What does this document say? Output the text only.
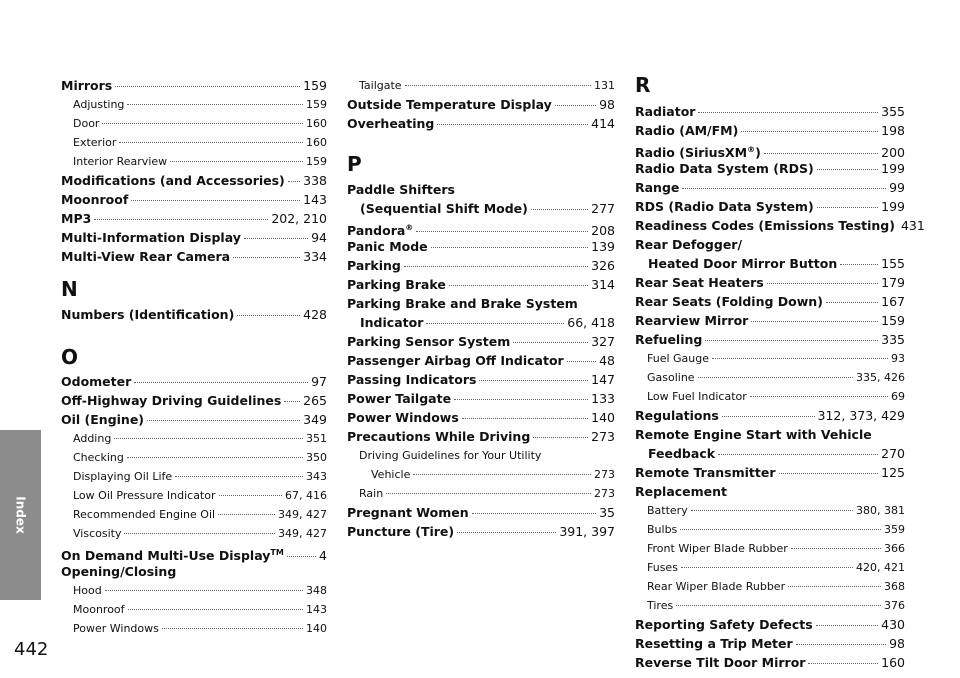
Index
442
Mirrors	159
Adjusting	159
Door	160
Exterior	160
Interior Rearview	159
Modifications (and Accessories) 338
Moonroof	143
MP3	202, 210
Multi-Information Display	94
Multi-View Rear Camera	334
N
Numbers (Identification)	428
O
Odometer	97
Off-Highway Driving Guidelines 265
Oil (Engine)	349
Adding	351
Checking	350
Displaying Oil Life	343
Low Oil Pressure Indicator	67, 416
Recommended Engine Oil	349, 427
Viscosity	349, 427
On Demand Multi-Use Display™	4
Opening/Closing
Hood	348
Moonroof	143
Power Windows	140
Tailgate	131
Outside Temperature Display	98
Overheating	414
P
Paddle Shifters
(Sequential Shift Mode)	277
Pandora®	208
Panic Mode	139
Parking	326
Parking Brake	314
Parking Brake and Brake System
Indicator	66, 418
Parking Sensor System	327
Passenger Airbag Off Indicator	48
Passing Indicators	147
Power Tailgate	133
Power Windows	140
Precautions While Driving	273
Driving Guidelines for Your Utility
Vehicle	273
Rain	273
Pregnant Women	35
Puncture (Tire)	391, 397
R
Radiator	355
Radio (AM/FM)	198
Radio (SiriusXM®)	200
Radio Data System (RDS)	199
Range	99
RDS (Radio Data System)	199
Readiness Codes (Emissions Testing) 431
Rear Defogger/
Heated Door Mirror Button	155
Rear Seat Heaters	179
Rear Seats (Folding Down)	167
Rearview Mirror	159
Refueling	335
Fuel Gauge	93
Gasoline	335, 426
Low Fuel Indicator	69
Regulations	312, 373, 429
Remote Engine Start with Vehicle
Feedback	270
Remote Transmitter	125
Replacement
Battery	380, 381
Bulbs	359
Front Wiper Blade Rubber	366
Fuses	420, 421
Rear Wiper Blade Rubber	368
Tires	376
Reporting Safety Defects	430
Resetting a Trip Meter	98
Reverse Tilt Door Mirror	160
